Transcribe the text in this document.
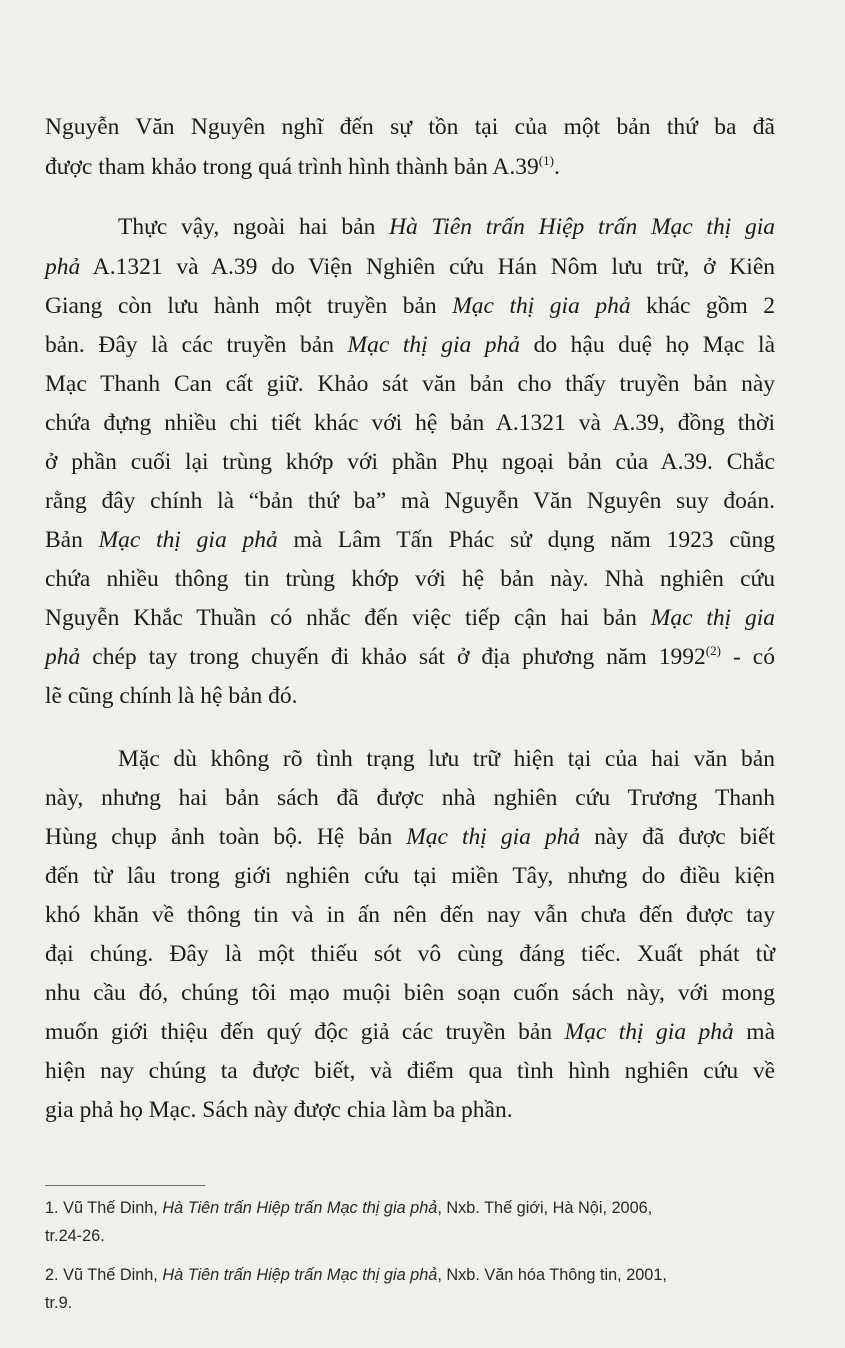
Nguyễn Văn Nguyên nghĩ đến sự tồn tại của một bản thứ ba đã
được tham khảo trong quá trình hình thành bản A.39$^{(1)}$.
Thực vậy, ngoài hai bản Hà Tiên trấn Hiệp trấn Mạc thị gia
phả A.1321 và A.39 do Viện Nghiên cứu Hán Nôm lưu trữ, ở Kiên
Giang còn lưu hành một truyền bản Mạc thị gia phả khác gồm 2
bản. Đây là các truyền bản Mạc thị gia phả do hậu duệ họ Mạc là
Mạc Thanh Can cất giữ. Khảo sát văn bản cho thấy truyền bản này
chứa đựng nhiều chi tiết khác với hệ bản A.1321 và A.39, đồng thời
ở phần cuối lại trùng khớp với phần Phụ ngoại bản của A.39. Chắc
rằng đây chính là “bản thứ ba” mà Nguyễn Văn Nguyên suy đoán.
Bản Mạc thị gia phả mà Lâm Tấn Phác sử dụng năm 1923 cũng
chứa nhiều thông tin trùng khớp với hệ bản này. Nhà nghiên cứu
Nguyễn Khắc Thuần có nhắc đến việc tiếp cận hai bản Mạc thị gia
phả chép tay trong chuyến đi khảo sát ở địa phương năm 1992$^{(2)}$ - có
lẽ cũng chính là hệ bản đó.
Mặc dù không rõ tình trạng lưu trữ hiện tại của hai văn bản
này, nhưng hai bản sách đã được nhà nghiên cứu Trương Thanh
Hùng chụp ảnh toàn bộ. Hệ bản Mạc thị gia phả này đã được biết
đến từ lâu trong giới nghiên cứu tại miền Tây, nhưng do điều kiện
khó khăn về thông tin và in ấn nên đến nay vẫn chưa đến được tay
đại chúng. Đây là một thiếu sót vô cùng đáng tiếc. Xuất phát từ
nhu cầu đó, chúng tôi mạo muội biên soạn cuốn sách này, với mong
muốn giới thiệu đến quý độc giả các truyền bản Mạc thị gia phả mà
hiện nay chúng ta được biết, và điểm qua tình hình nghiên cứu về
gia phả họ Mạc. Sách này được chia làm ba phần.
1. Vũ Thế Dinh, Hà Tiên trấn Hiệp trấn Mạc thị gia phả, Nxb. Thế giới, Hà Nội, 2006,
tr.24-26.
2. Vũ Thế Dinh, Hà Tiên trấn Hiệp trấn Mạc thị gia phả, Nxb. Văn hóa Thông tin, 2001,
tr.9.
